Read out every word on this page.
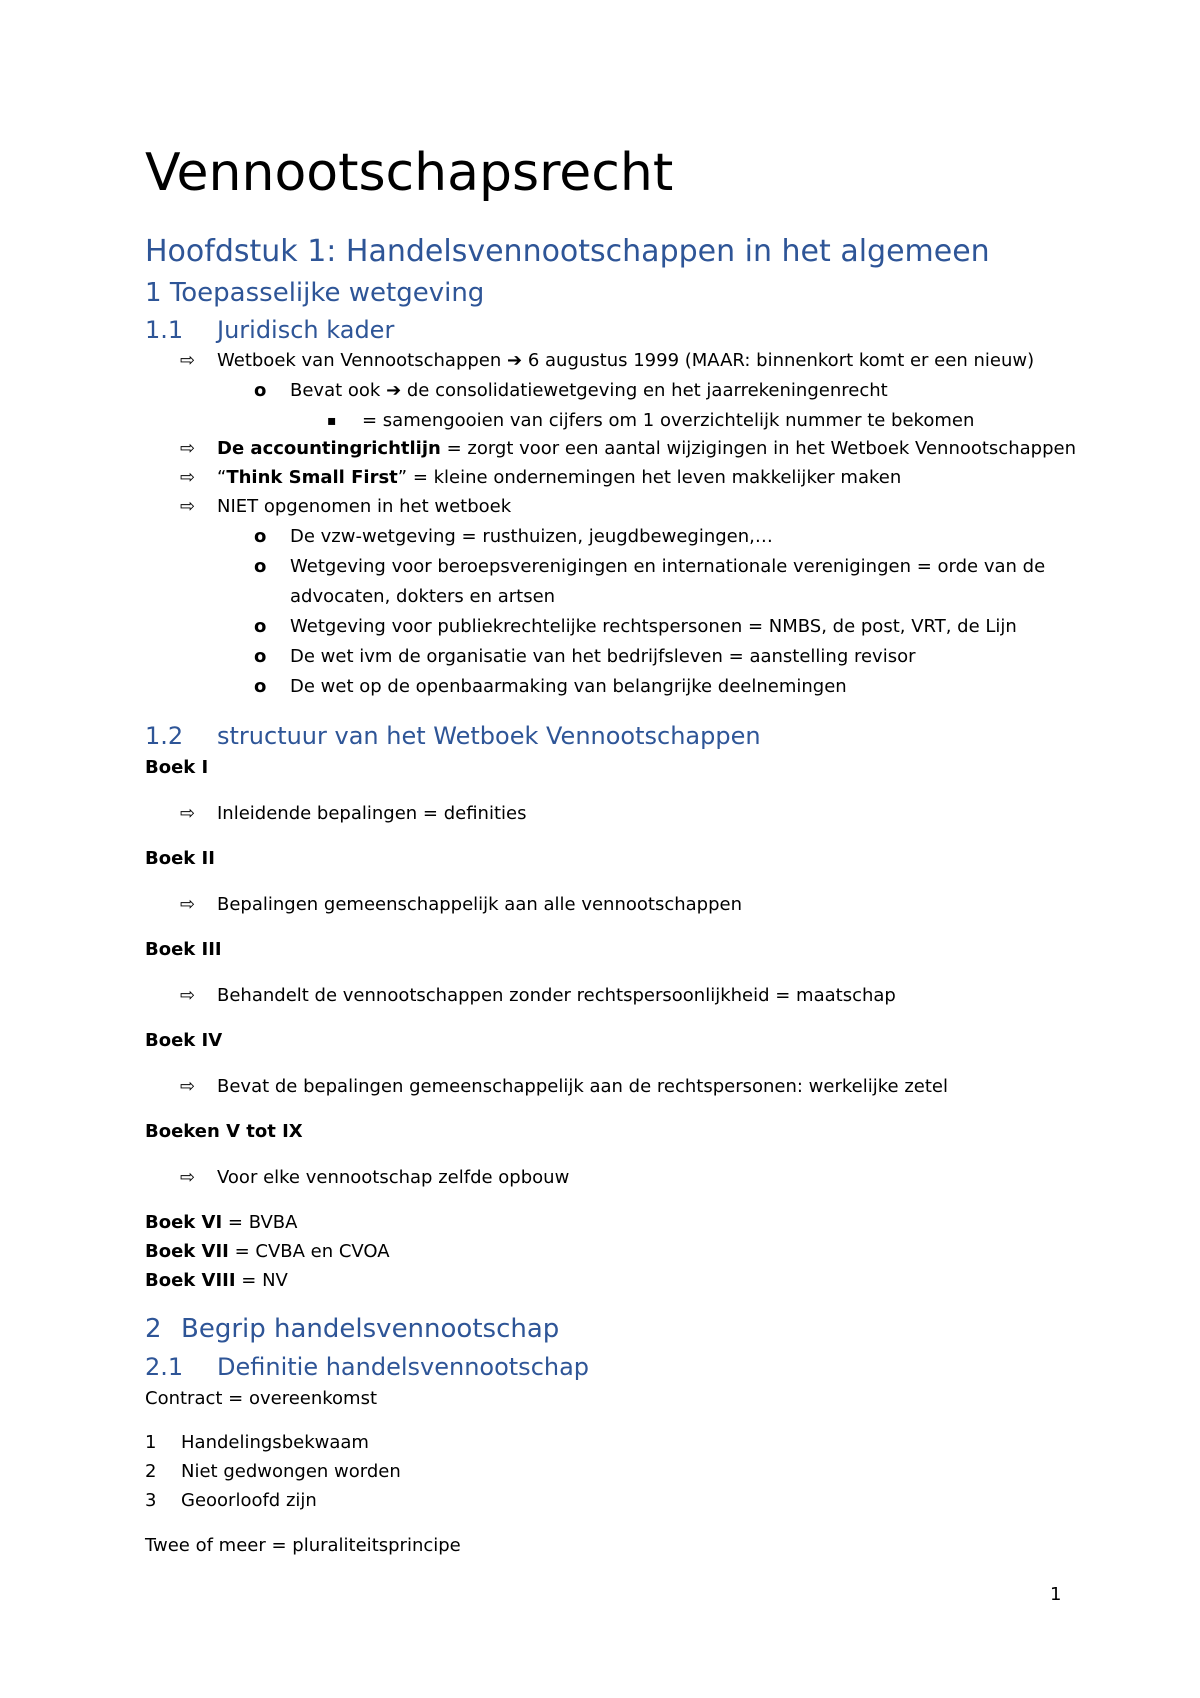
Vennootschapsrecht
Hoofdstuk 1: Handelsvennootschappen in het algemeen
1 Toepasselijke wetgeving
1.1 Juridisch kader
⇨ Wetboek van Vennootschappen ➔ 6 augustus 1999 (MAAR: binnenkort komt er een nieuw)
o Bevat ook ➔ de consolidatiewetgeving en het jaarrekeningenrecht
▪ = samengooien van cijfers om 1 overzichtelijk nummer te bekomen
⇨ De accountingrichtlijn = zorgt voor een aantal wijzigingen in het Wetboek Vennootschappen
⇨ “Think Small First” = kleine ondernemingen het leven makkelijker maken
⇨ NIET opgenomen in het wetboek
o De vzw-wetgeving = rusthuizen, jeugdbewegingen,…
o Wetgeving voor beroepsverenigingen en internationale verenigingen = orde van de
advocaten, dokters en artsen
o Wetgeving voor publiekrechtelijke rechtspersonen = NMBS, de post, VRT, de Lijn
o De wet ivm de organisatie van het bedrijfsleven = aanstelling revisor
o De wet op de openbaarmaking van belangrijke deelnemingen
1.2 structuur van het Wetboek Vennootschappen
Boek I
⇨ Inleidende bepalingen = definities
Boek II
⇨ Bepalingen gemeenschappelijk aan alle vennootschappen
Boek III
⇨ Behandelt de vennootschappen zonder rechtspersoonlijkheid = maatschap
Boek IV
⇨ Bevat de bepalingen gemeenschappelijk aan de rechtspersonen: werkelijke zetel
Boeken V tot IX
⇨ Voor elke vennootschap zelfde opbouw
Boek VI = BVBA
Boek VII = CVBA en CVOA
Boek VIII = NV
2 Begrip handelsvennootschap
2.1 Definitie handelsvennootschap
Contract = overeenkomst
1 Handelingsbekwaam
2 Niet gedwongen worden
3 Geoorloofd zijn
Twee of meer = pluraliteitsprincipe
1
